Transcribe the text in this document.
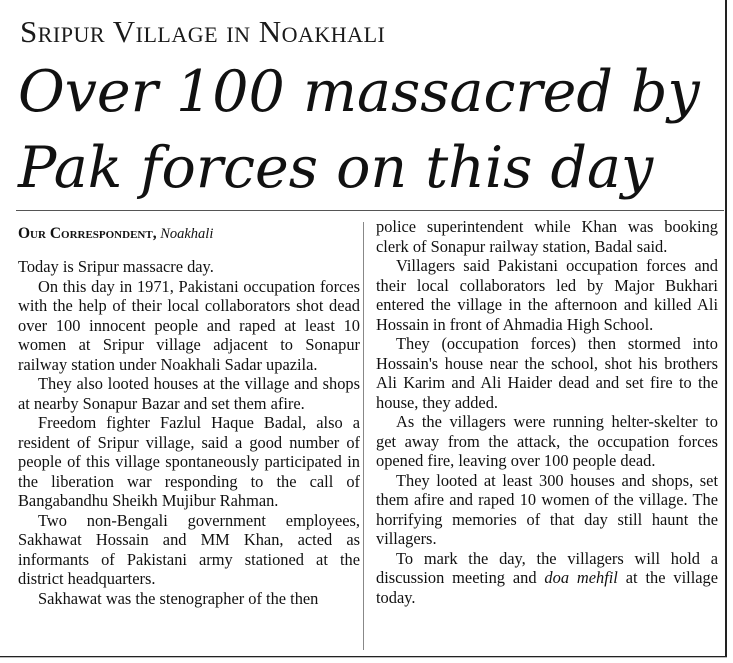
Sripur Village in Noakhali
Over 100 massacred by
Pak forces on this day
Our Correspondent, Noakhali

Today is Sripur massacre day.

On this day in 1971, Pakistani occupation forces with the help of their local collaborators shot dead over 100 innocent people and raped at least 10 women at Sripur village adjacent to Sonapur railway station under Noakhali Sadar upazila.

They also looted houses at the village and shops at nearby Sonapur Bazar and set them afire.

Freedom fighter Fazlul Haque Badal, also a resident of Sripur village, said a good number of people of this village spontaneously participated in the liberation war responding to the call of Bangabandhu Sheikh Mujibur Rahman.

Two non-Bengali government employees, Sakhawat Hossain and MM Khan, acted as informants of Pakistani army stationed at the district headquarters.

Sakhawat was the stenographer of the then

police superintendent while Khan was booking clerk of Sonapur railway station, Badal said.

Villagers said Pakistani occupation forces and their local collaborators led by Major Bukhari entered the village in the afternoon and killed Ali Hossain in front of Ahmadia High School.

They (occupation forces) then stormed into Hossain's house near the school, shot his brothers Ali Karim and Ali Haider dead and set fire to the house, they added.

As the villagers were running helter-skelter to get away from the attack, the occupation forces opened fire, leaving over 100 people dead.

They looted at least 300 houses and shops, set them afire and raped 10 women of the village. The horrifying memories of that day still haunt the villagers.

To mark the day, the villagers will hold a discussion meeting and doa mehfil at the village today.
